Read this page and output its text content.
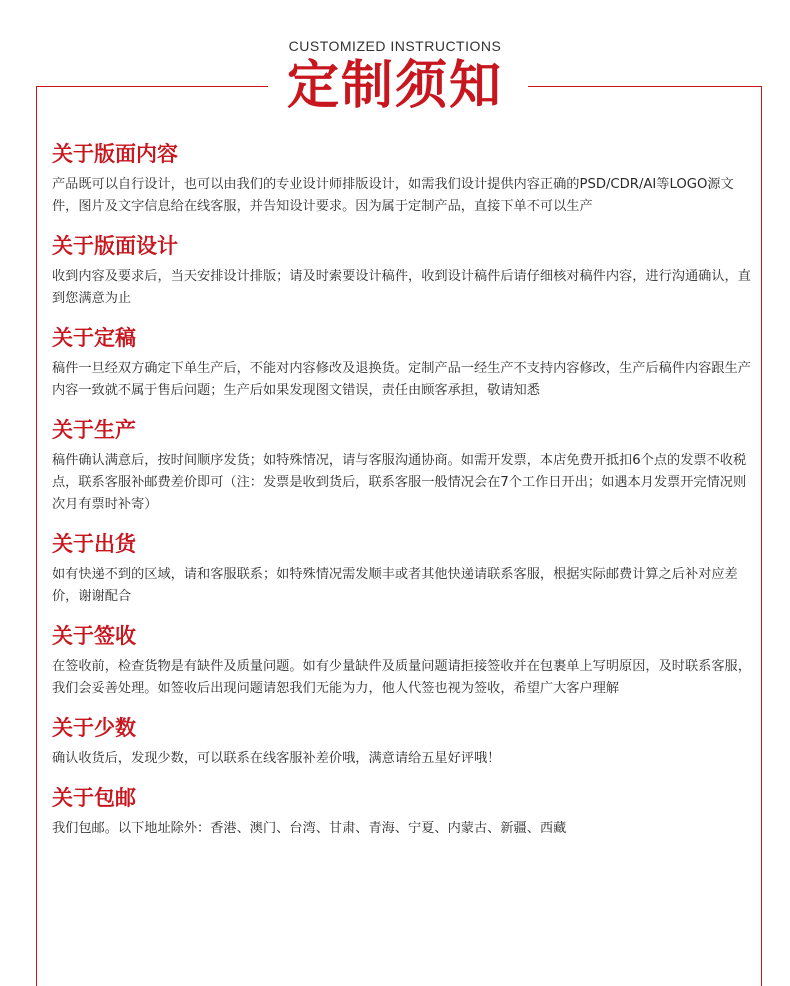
CUSTOMIZED INSTRUCTIONS
定制须知
关于版面内容
产品既可以自行设计，也可以由我们的专业设计师排版设计，如需我们设计提供内容正确的PSD/CDR/AI等LOGO源文件，图片及文字信息给在线客服，并告知设计要求。因为属于定制产品，直接下单不可以生产
关于版面设计
收到内容及要求后，当天安排设计排版；请及时索要设计稿件，收到设计稿件后请仔细核对稿件内容，进行沟通确认，直到您满意为止
关于定稿
稿件一旦经双方确定下单生产后，不能对内容修改及退换货。定制产品一经生产不支持内容修改，生产后稿件内容跟生产内容一致就不属于售后问题；生产后如果发现图文错误，责任由顾客承担，敬请知悉
关于生产
稿件确认满意后，按时间顺序发货；如特殊情况，请与客服沟通协商。如需开发票，本店免费开抵扣6个点的发票不收税点，联系客服补邮费差价即可（注：发票是收到货后，联系客服一般情况会在7个工作日开出；如遇本月发票开完情况则次月有票时补寄）
关于出货
如有快递不到的区域，请和客服联系；如特殊情况需发顺丰或者其他快递请联系客服，根据实际邮费计算之后补对应差价，谢谢配合
关于签收
在签收前，检查货物是有缺件及质量问题。如有少量缺件及质量问题请拒接签收并在包裹单上写明原因，及时联系客服，我们会妥善处理。如签收后出现问题请恕我们无能为力，他人代签也视为签收，希望广大客户理解
关于少数
确认收货后，发现少数，可以联系在线客服补差价哦，满意请给五星好评哦！
关于包邮
我们包邮。以下地址除外：香港、澳门、台湾、甘肃、青海、宁夏、内蒙古、新疆、西藏
